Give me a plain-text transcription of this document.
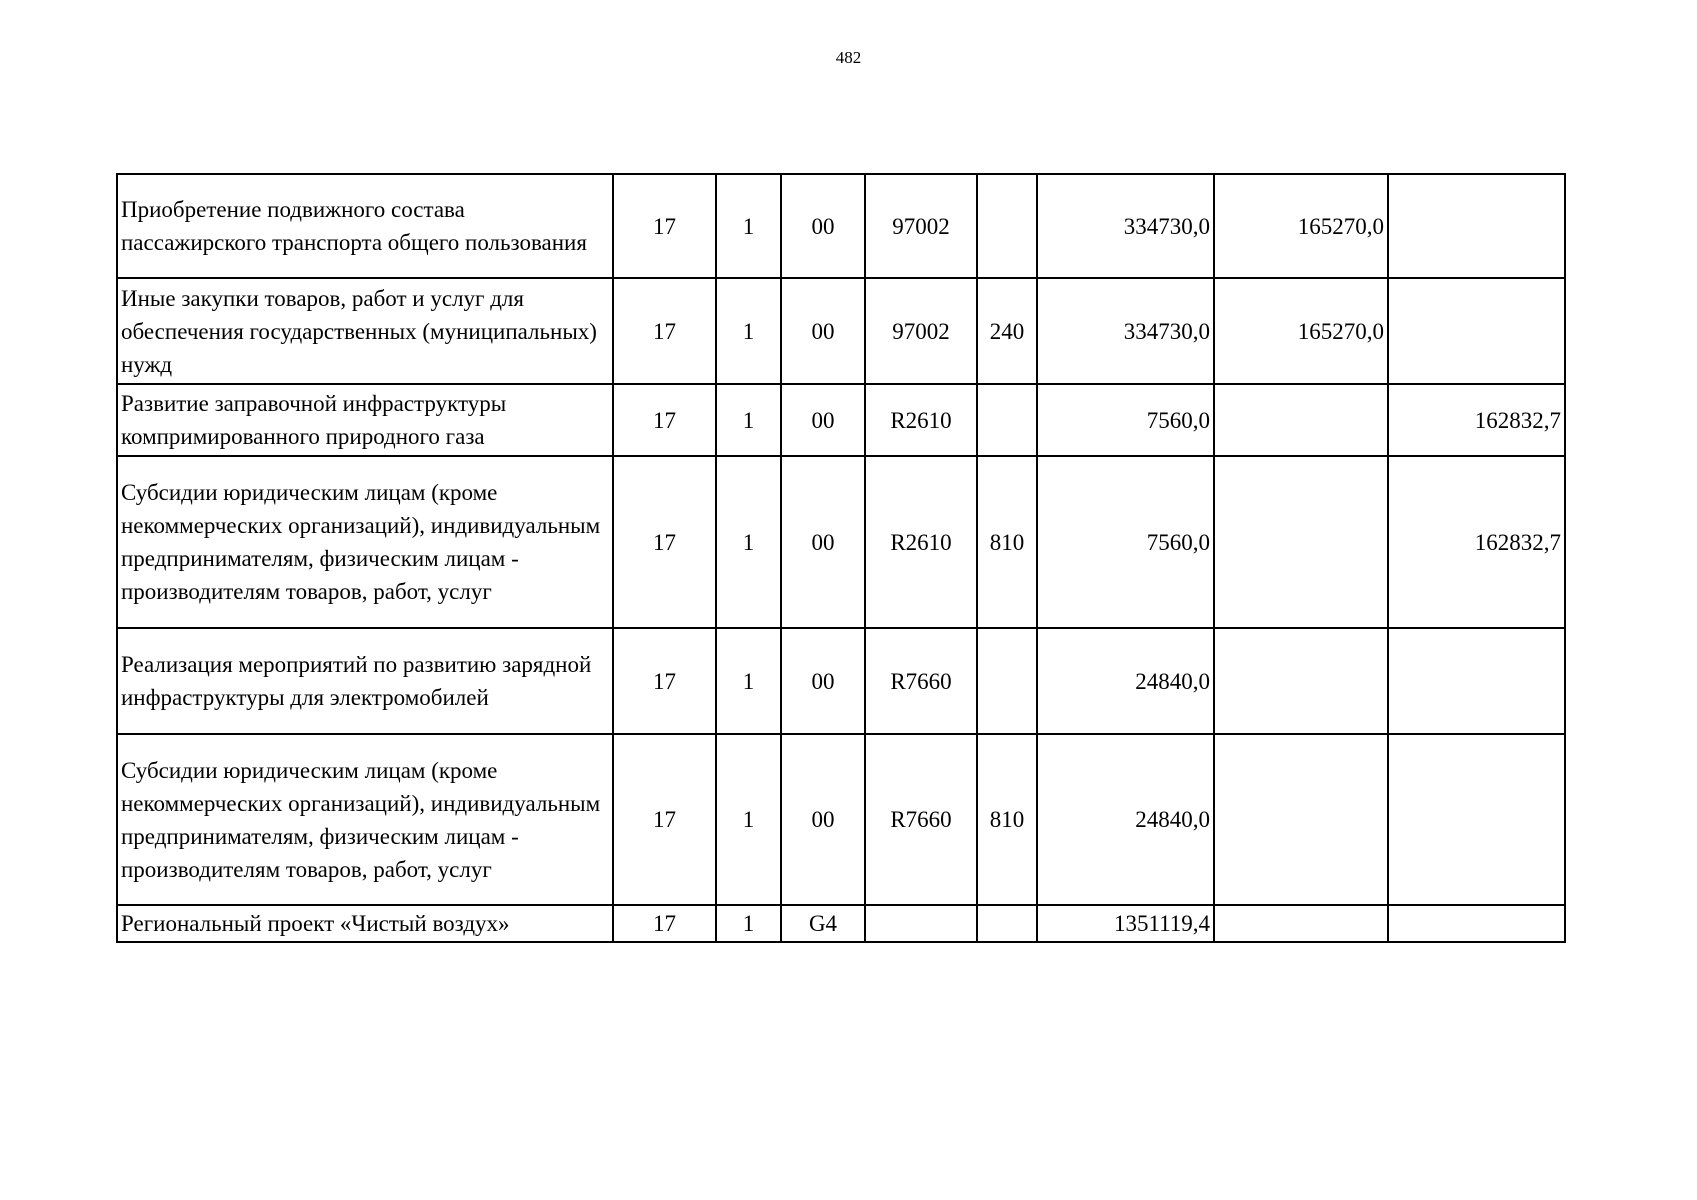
482
Приобретение подвижного состава пассажирского транспорта общего пользования	17	1	00	97002		334730,0	165270,0	
Иные закупки товаров, работ и услуг для обеспечения государственных (муниципальных) нужд	17	1	00	97002	240	334730,0	165270,0	
Развитие заправочной инфраструктуры компримированного природного газа	17	1	00	R2610		7560,0		162832,7
Субсидии юридическим лицам (кроме некоммерческих организаций), индивидуальным предпринимателям, физическим лицам - производителям товаров, работ, услуг	17	1	00	R2610	810	7560,0		162832,7
Реализация мероприятий по развитию зарядной инфраструктуры для электромобилей	17	1	00	R7660		24840,0		
Субсидии юридическим лицам (кроме некоммерческих организаций), индивидуальным предпринимателям, физическим лицам - производителям товаров, работ, услуг	17	1	00	R7660	810	24840,0		
Региональный проект «Чистый воздух»	17	1	G4			1351119,4		
